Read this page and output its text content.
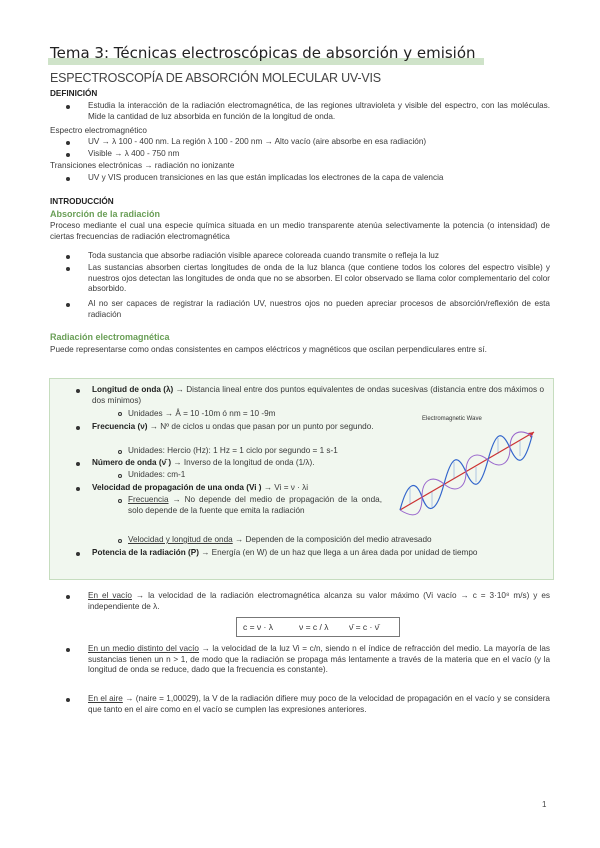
Tema 3: Técnicas electroscópicas de absorción y emisión
ESPECTROSCOPÍA DE ABSORCIÓN MOLECULAR UV-VIS
DEFINICIÓN
Estudia la interacción de la radiación electromagnética, de las regiones ultravioleta y visible del espectro, con las moléculas. Mide la cantidad de luz absorbida en función de la longitud de onda.
Espectro electromagnético
UV → λ 100 - 400 nm. La región λ 100 - 200 nm → Alto vacío (aire absorbe en esa radiación)
Visible → λ 400 - 750 nm
Transiciones electrónicas → radiación no ionizante
UV y VIS producen transiciones en las que están implicadas los electrones de la capa de valencia
INTRODUCCIÓN
Absorción de la radiación
Proceso mediante el cual una especie química situada en un medio transparente atenúa selectivamente la potencia (o intensidad) de ciertas frecuencias de radiación electromagnética
Toda sustancia que absorbe radiación visible aparece coloreada cuando transmite o refleja la luz
Las sustancias absorben ciertas longitudes de onda de la luz blanca (que contiene todos los colores del espectro visible) y nuestros ojos detectan las longitudes de onda que no se absorben. El color observado se llama color complementario del color absorbido.
Al no ser capaces de registrar la radiación UV, nuestros ojos no pueden apreciar procesos de absorción/reflexión de esta radiación
Radiación electromagnética
Puede representarse como ondas consistentes en campos eléctricos y magnéticos que oscilan perpendiculares entre sí.
Longitud de onda (λ) → Distancia lineal entre dos puntos equivalentes de ondas sucesivas (distancia entre dos máximos o dos mínimos)
Unidades → Å = 10 -10m ó nm = 10 -9m
Frecuencia (ν) → Nº de ciclos u ondas que pasan por un punto por segundo.
Unidades: Hercio (Hz): 1 Hz = 1 ciclo por segundo = 1 s-1
Número de onda (ν̄ ) → Inverso de la longitud de onda (1/λ).
Unidades: cm-1
Velocidad de propagación de una onda (Vi ) → Vi = ν · λi
Frecuencia → No depende del medio de propagación de la onda, solo depende de la fuente que emita la radiación
Velocidad y longitud de onda → Dependen de la composición del medio atravesado
Potencia de la radiación (P) → Energía (en W) de un haz que llega a un área dada por unidad de tiempo
Electromagnetic Wave
En el vacío → la velocidad de la radiación electromagnética alcanza su valor máximo (Vi vacío → c = 3·10⁸ m/s) y es independiente de λ.
c = ν · λ	ν = c / λ ν̄ = c · ν̄
En un medio distinto del vacío → la velocidad de la luz Vi = c/n, siendo n el índice de refracción del medio. La mayoría de las sustancias tienen un n > 1, de modo que la radiación se propaga más lentamente a través de la materia que en el vacío (y la longitud de onda se reduce, dado que la frecuencia es constante).
En el aire → (naire = 1,00029), la V de la radiación difiere muy poco de la velocidad de propagación en el vacío y se considera que tanto en el aire como en el vacío se cumplen las expresiones anteriores.
1
